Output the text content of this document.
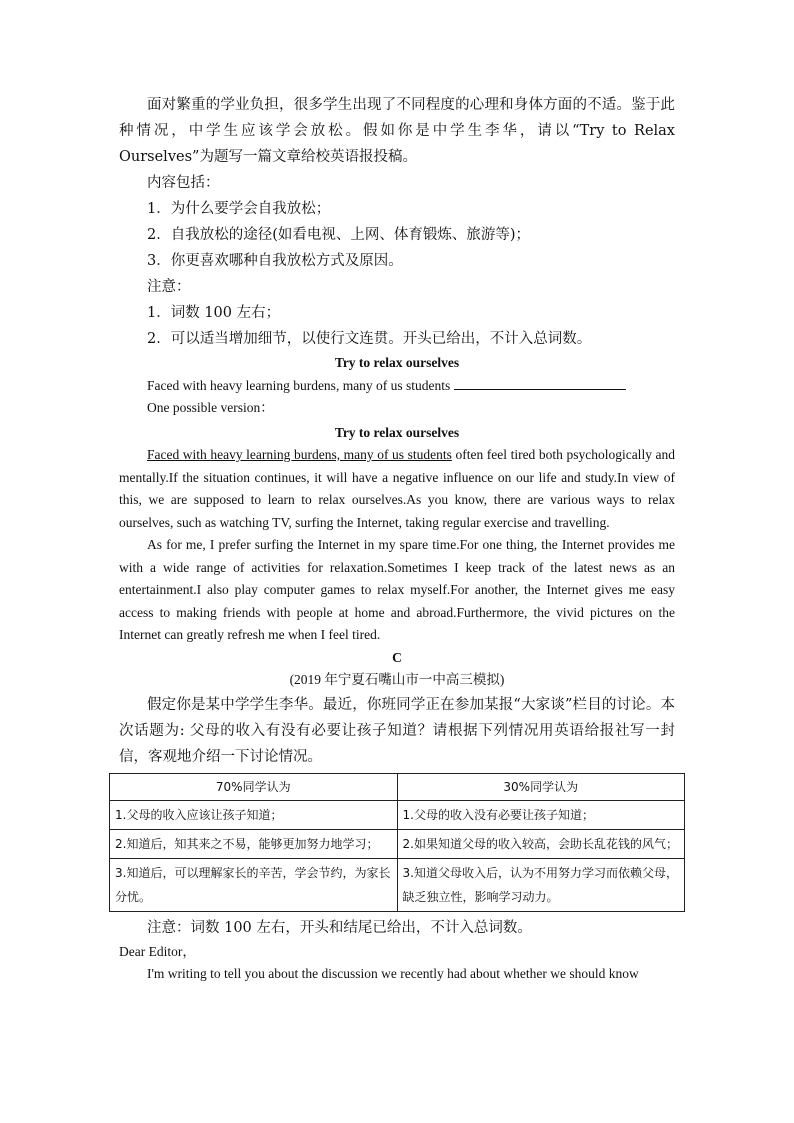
面对繁重的学业负担，很多学生出现了不同程度的心理和身体方面的不适。鉴于此种情况，中学生应该学会放松。假如你是中学生李华，请以“Try to Relax Ourselves”为题写一篇文章给校英语报投稿。

内容包括：

1．为什么要学会自我放松；

2．自我放松的途径(如看电视、上网、体育锻炼、旅游等)；

3．你更喜欢哪种自我放松方式及原因。

注意：

1．词数 100 左右；

2．可以适当增加细节，以使行文连贯。开头已给出，不计入总词数。

Try to relax ourselves

Faced with heavy learning burdens, many of us students

One possible version：

Try to relax ourselves

Faced with heavy learning burdens, many of us students often feel tired both psychologically and mentally.If the situation continues, it will have a negative influence on our life and study.In view of this, we are supposed to learn to relax ourselves.As you know, there are various ways to relax ourselves, such as watching TV, surfing the Internet, taking regular exercise and travelling.

As for me, I prefer surfing the Internet in my spare time.For one thing, the Internet provides me with a wide range of activities for relaxation.Sometimes I keep track of the latest news as an entertainment.I also play computer games to relax myself.For another, the Internet gives me easy access to making friends with people at home and abroad.Furthermore, the vivid pictures on the Internet can greatly refresh me when I feel tired.

C

(2019 年宁夏石嘴山市一中高三模拟)

假定你是某中学学生李华。最近，你班同学正在参加某报“大家谈”栏目的讨论。本次话题为: 父母的收入有没有必要让孩子知道？请根据下列情况用英语给报社写一封信，客观地介绍一下讨论情况。

70%同学认为	30%同学认为
1.父母的收入应该让孩子知道；	1.父母的收入没有必要让孩子知道；
2.知道后，知其来之不易，能够更加努力地学习；	2.如果知道父母的收入较高，会助长乱花钱的风气；
3.知道后，可以理解家长的辛苦，学会节约，为家长分忧。	3.知道父母收入后，认为不用努力学习而依赖父母，缺乏独立性，影响学习动力。

注意：词数 100 左右，开头和结尾已给出，不计入总词数。

Dear Editor，

I'm writing to tell you about the discussion we recently had about whether we should know
